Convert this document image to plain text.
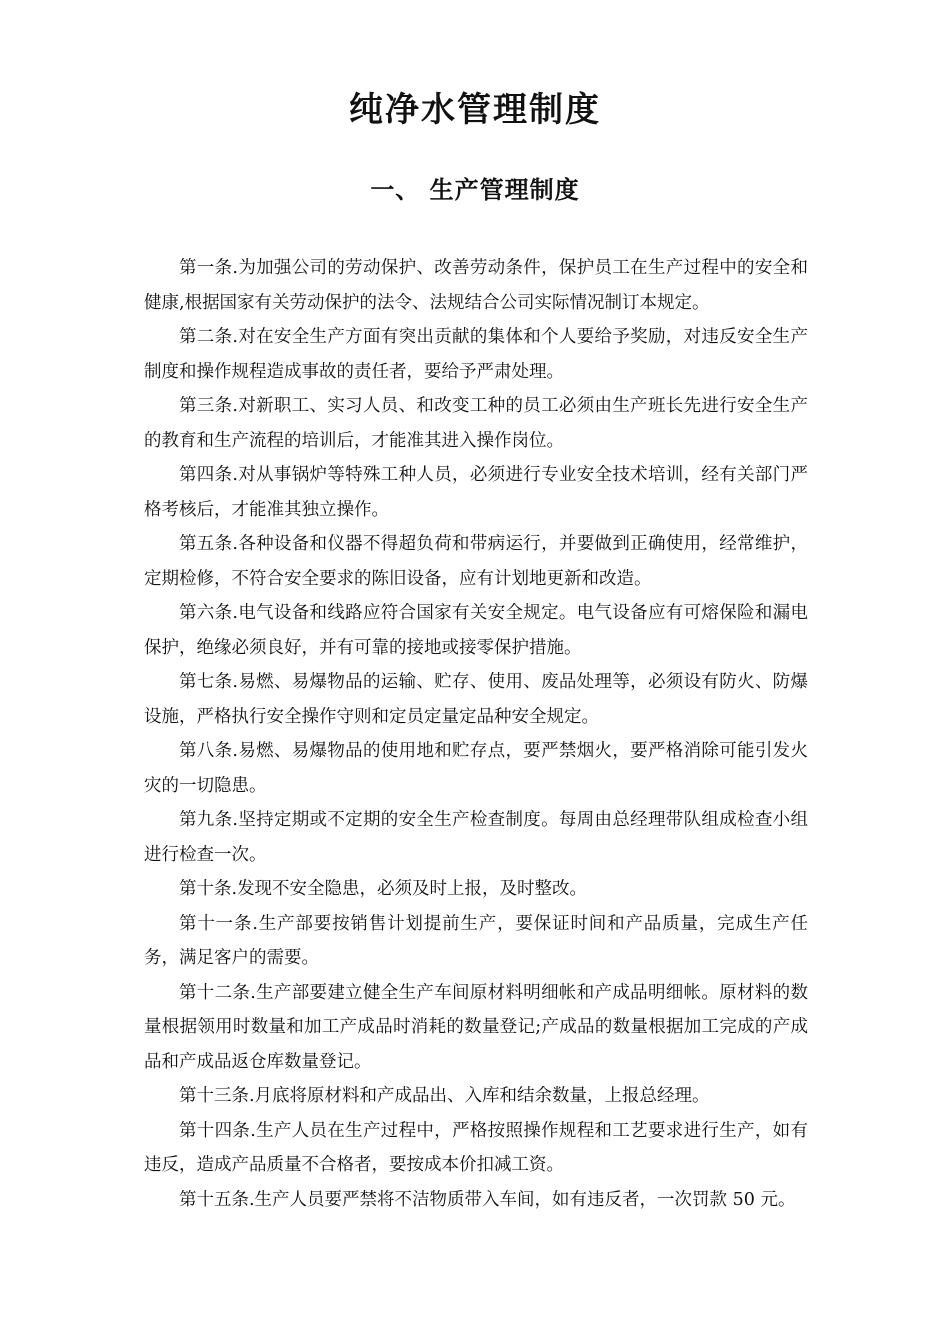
纯净水管理制度
一、 生产管理制度

第一条.为加强公司的劳动保护、改善劳动条件，保护员工在生产过程中的安全和健康,根据国家有关劳动保护的法令、法规结合公司实际情况制订本规定。

第二条.对在安全生产方面有突出贡献的集体和个人要给予奖励，对违反安全生产制度和操作规程造成事故的责任者，要给予严肃处理。

第三条.对新职工、实习人员、和改变工种的员工必须由生产班长先进行安全生产的教育和生产流程的培训后，才能准其进入操作岗位。

第四条.对从事锅炉等特殊工种人员，必须进行专业安全技术培训，经有关部门严格考核后，才能准其独立操作。

第五条.各种设备和仪器不得超负荷和带病运行，并要做到正确使用，经常维护，定期检修，不符合安全要求的陈旧设备，应有计划地更新和改造。

第六条.电气设备和线路应符合国家有关安全规定。电气设备应有可熔保险和漏电保护，绝缘必须良好，并有可靠的接地或接零保护措施。

第七条.易燃、易爆物品的运输、贮存、使用、废品处理等，必须设有防火、防爆设施，严格执行安全操作守则和定员定量定品种安全规定。

第八条.易燃、易爆物品的使用地和贮存点，要严禁烟火，要严格消除可能引发火灾的一切隐患。

第九条.坚持定期或不定期的安全生产检查制度。每周由总经理带队组成检查小组进行检查一次。

第十条.发现不安全隐患，必须及时上报，及时整改。

第十一条.生产部要按销售计划提前生产，要保证时间和产品质量，完成生产任务，满足客户的需要。

第十二条.生产部要建立健全生产车间原材料明细帐和产成品明细帐。原材料的数量根据领用时数量和加工产成品时消耗的数量登记;产成品的数量根据加工完成的产成品和产成品返仓库数量登记。

第十三条.月底将原材料和产成品出、入库和结余数量，上报总经理。

第十四条.生产人员在生产过程中，严格按照操作规程和工艺要求进行生产，如有违反，造成产品质量不合格者，要按成本价扣减工资。

第十五条.生产人员要严禁将不洁物质带入车间，如有违反者，一次罚款 50 元。
